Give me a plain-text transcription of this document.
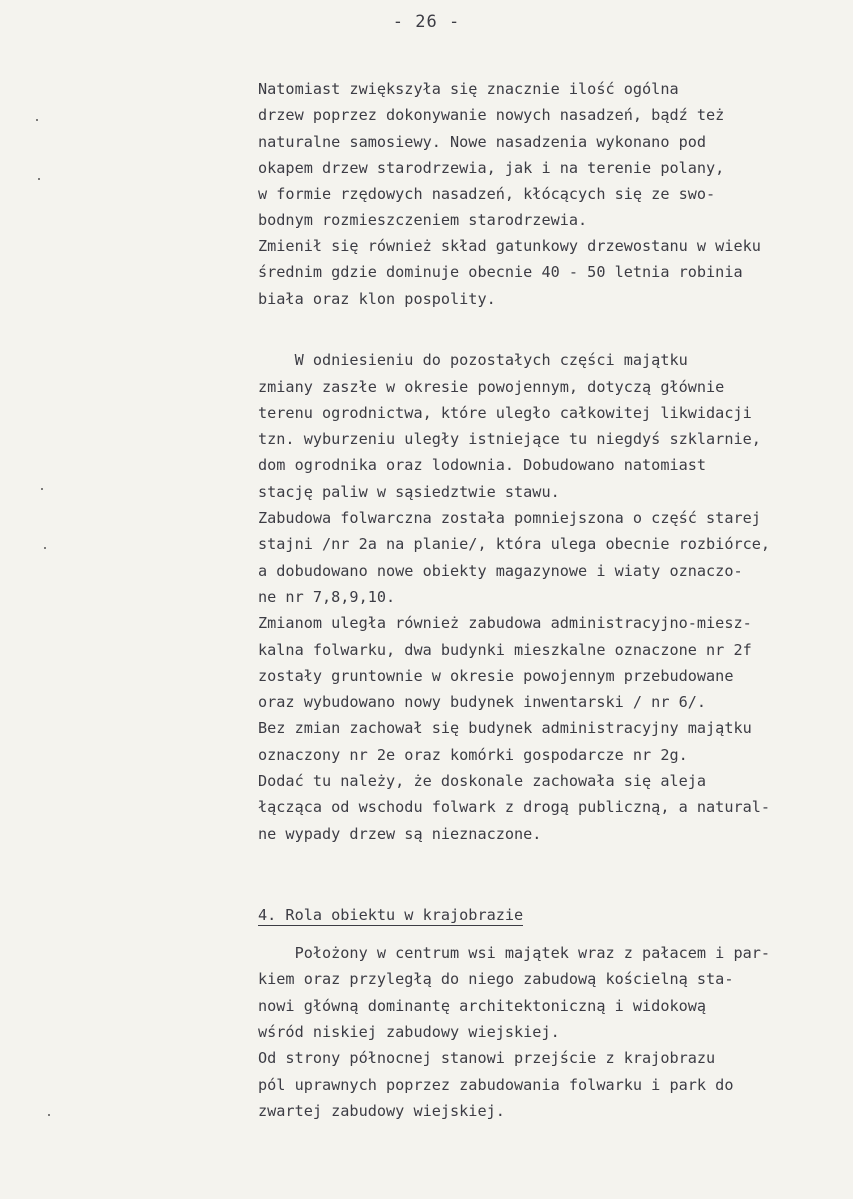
- 26 -
Natomiast zwiększyła się znacznie ilość ogólna
drzew poprzez dokonywanie nowych nasadzeń, bądź też
naturalne samosiewy. Nowe nasadzenia wykonano pod
okapem drzew starodrzewia, jak i na terenie polany,
w formie rzędowych nasadzeń, kłócących się ze swo-
bodnym rozmieszczeniem starodrzewia.
Zmienił się również skład gatunkowy drzewostanu w wieku
średnim gdzie dominuje obecnie 40 - 50 letnia robinia
biała oraz klon pospolity.
W odniesieniu do pozostałych części majątku
zmiany zaszłe w okresie powojennym, dotyczą głównie
terenu ogrodnictwa, które uległo całkowitej likwidacji
tzn. wyburzeniu uległy istniejące tu niegdyś szklarnie,
dom ogrodnika oraz lodownia. Dobudowano natomiast
stację paliw w sąsiedztwie stawu.
Zabudowa folwarczna została pomniejszona o część starej
stajni /nr 2a na planie/, która ulega obecnie rozbiórce,
a dobudowano nowe obiekty magazynowe i wiaty oznaczo-
ne nr 7,8,9,10.
Zmianom uległa również zabudowa administracyjno-miesz-
kalna folwarku, dwa budynki mieszkalne oznaczone nr 2f
zostały gruntownie w okresie powojennym przebudowane
oraz wybudowano nowy budynek inwentarski / nr 6/.
Bez zmian zachował się budynek administracyjny majątku
oznaczony nr 2e oraz komórki gospodarcze nr 2g.
Dodać tu należy, że doskonale zachowała się aleja
łącząca od wschodu folwark z drogą publiczną, a natural-
ne wypady drzew są nieznaczone.
4. Rola obiektu w krajobrazie
Położony w centrum wsi majątek wraz z pałacem i par-
kiem oraz przyległą do niego zabudową kościelną sta-
nowi główną dominantę architektoniczną i widokową
wśród niskiej zabudowy wiejskiej.
Od strony północnej stanowi przejście z krajobrazu
pól uprawnych poprzez zabudowania folwarku i park do
zwartej zabudowy wiejskiej.
